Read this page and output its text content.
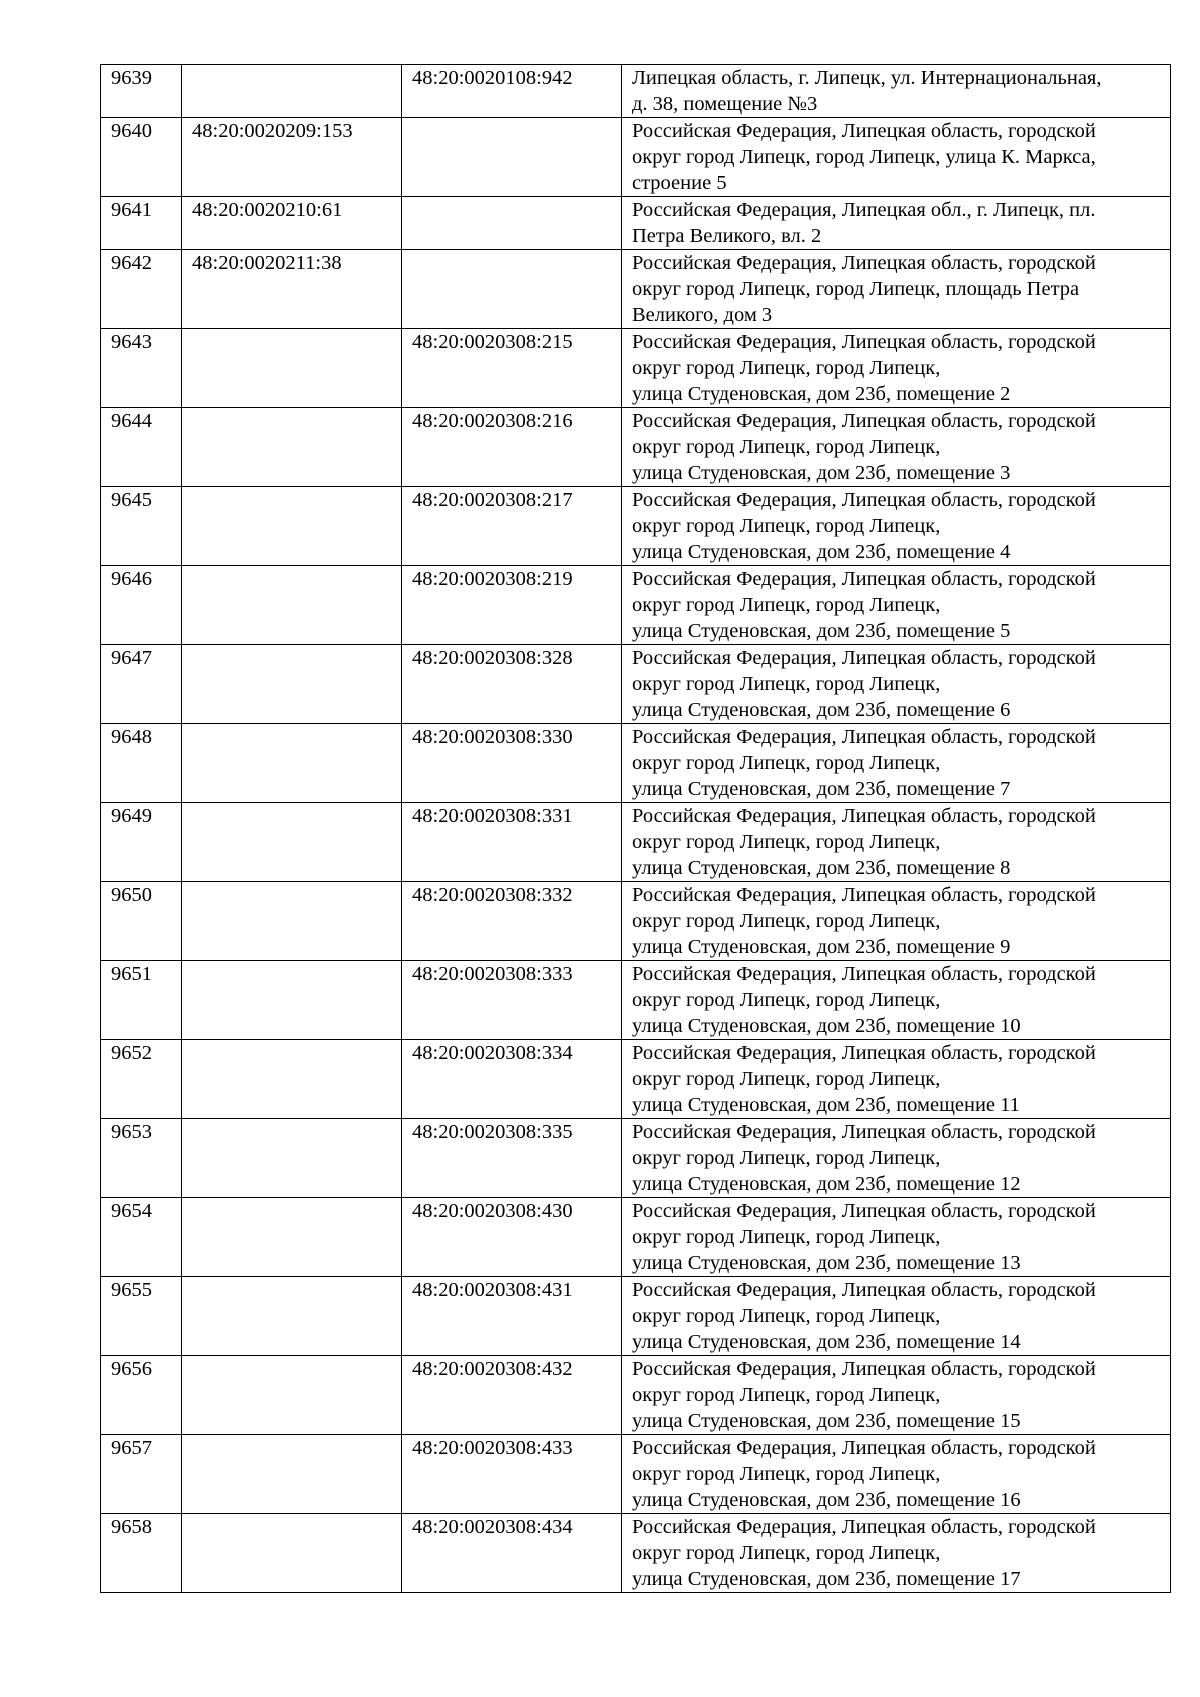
9639		48:20:0020108:942	Липецкая область, г. Липецк, ул. Интернациональная,
д. 38, помещение №3

9640	48:20:0020209:153		Российская Федерация, Липецкая область, городской
округ город Липецк, город Липецк, улица К. Маркса,
строение 5

9641	48:20:0020210:61		Российская Федерация, Липецкая обл., г. Липецк, пл.
Петра Великого, вл. 2

9642	48:20:0020211:38		Российская Федерация, Липецкая область, городской
округ город Липецк, город Липецк, площадь Петра
Великого, дом 3

9643		48:20:0020308:215	Российская Федерация, Липецкая область, городской
округ город Липецк, город Липецк,
улица Студеновская, дом 23б, помещение 2

9644		48:20:0020308:216	Российская Федерация, Липецкая область, городской
округ город Липецк, город Липецк,
улица Студеновская, дом 23б, помещение 3

9645		48:20:0020308:217	Российская Федерация, Липецкая область, городской
округ город Липецк, город Липецк,
улица Студеновская, дом 23б, помещение 4

9646		48:20:0020308:219	Российская Федерация, Липецкая область, городской
округ город Липецк, город Липецк,
улица Студеновская, дом 23б, помещение 5

9647		48:20:0020308:328	Российская Федерация, Липецкая область, городской
округ город Липецк, город Липецк,
улица Студеновская, дом 23б, помещение 6

9648		48:20:0020308:330	Российская Федерация, Липецкая область, городской
округ город Липецк, город Липецк,
улица Студеновская, дом 23б, помещение 7

9649		48:20:0020308:331	Российская Федерация, Липецкая область, городской
округ город Липецк, город Липецк,
улица Студеновская, дом 23б, помещение 8

9650		48:20:0020308:332	Российская Федерация, Липецкая область, городской
округ город Липецк, город Липецк,
улица Студеновская, дом 23б, помещение 9

9651		48:20:0020308:333	Российская Федерация, Липецкая область, городской
округ город Липецк, город Липецк,
улица Студеновская, дом 23б, помещение 10

9652		48:20:0020308:334	Российская Федерация, Липецкая область, городской
округ город Липецк, город Липецк,
улица Студеновская, дом 23б, помещение 11

9653		48:20:0020308:335	Российская Федерация, Липецкая область, городской
округ город Липецк, город Липецк,
улица Студеновская, дом 23б, помещение 12

9654		48:20:0020308:430	Российская Федерация, Липецкая область, городской
округ город Липецк, город Липецк,
улица Студеновская, дом 23б, помещение 13

9655		48:20:0020308:431	Российская Федерация, Липецкая область, городской
округ город Липецк, город Липецк,
улица Студеновская, дом 23б, помещение 14

9656		48:20:0020308:432	Российская Федерация, Липецкая область, городской
округ город Липецк, город Липецк,
улица Студеновская, дом 23б, помещение 15

9657		48:20:0020308:433	Российская Федерация, Липецкая область, городской
округ город Липецк, город Липецк,
улица Студеновская, дом 23б, помещение 16

9658		48:20:0020308:434	Российская Федерация, Липецкая область, городской
округ город Липецк, город Липецк,
улица Студеновская, дом 23б, помещение 17
